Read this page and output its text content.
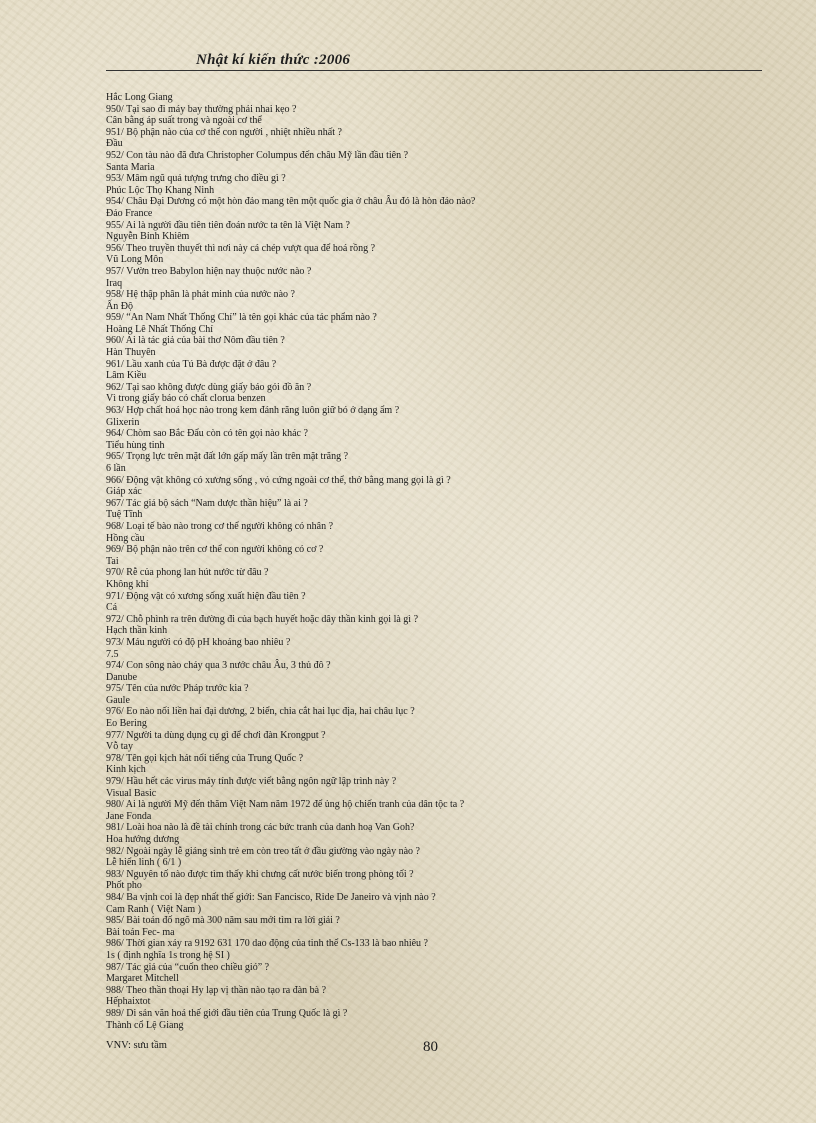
Nhật kí kiến thức :2006
Hắc Long Giang
950/ Tại sao đi máy bay thường phải nhai kẹo ?
Cân bằng áp suất trong và ngoài cơ thể
951/ Bộ phận nào của cơ thể con người , nhiệt nhiều nhất ?
Đầu
952/ Con tàu nào đã đưa Christopher Columpus đến châu Mỹ lần đầu tiên ?
Santa Maria
953/ Mâm ngũ quả tượng trưng cho điều gì ?
Phúc Lộc Thọ Khang Ninh
954/ Châu Đại Dương có một hòn đảo mang tên một quốc gia ở châu Âu đó là hòn đảo nào?
Đảo France
955/ Ai là người đầu tiên tiên đoán nước ta tên là Việt Nam ?
Nguyễn Bỉnh Khiêm
956/ Theo truyền thuyết thì nơi này cá chép vượt qua để hoá rồng ?
Vũ Long Môn
957/ Vườn treo Babylon hiện nay thuộc nước nào ?
Iraq
958/ Hệ thập phân là phát minh của nước nào ?
Ấn Độ
959/ “An Nam Nhất Thống Chí” là tên gọi khác của tác phẩm nào ?
Hoàng Lê Nhất Thống Chí
960/ Ai là tác giả của bài thơ Nôm đầu tiên ?
Hàn Thuyên
961/ Lầu xanh của Tú Bà được đặt ở đâu ?
Lâm Kiều
962/ Tại sao không được dùng giấy báo gói đồ ăn ?
Vì trong giấy báo có chất clorua benzen
963/ Hợp chất hoá học nào trong kem đánh răng luôn giữ bó ở dạng ẩm ?
Glixerin
964/ Chòm sao Bắc Đẩu còn có tên gọi nào khác ?
Tiểu hùng tinh
965/ Trọng lực trên mặt đất lớn gấp mấy lần trên mặt trăng ?
6 lần
966/ Động vật không có xương sống , vỏ cứng ngoài cơ thể, thở bằng mang gọi là gì ?
Giáp xác
967/ Tác giả bộ sách “Nam dược thần hiệu” là ai ?
Tuệ Tĩnh
968/ Loại tế bào nào trong cơ thể người không có nhân ?
Hồng cầu
969/ Bộ phận nào trên cơ thể con người không có cơ ?
Tai
970/ Rễ của phong lan hút nước từ đâu ?
Không khí
971/ Động vật có xương sống xuất hiện đầu tiên ?
Cá
972/ Chỗ phình ra trên đường đi của bạch huyết hoặc dây thần kinh gọi là gì ?
Hạch thần kinh
973/ Máu người có độ pH khoảng bao nhiêu ?
7.5
974/ Con sông nào chảy qua 3 nước châu Âu, 3 thủ đô ?
Danube
975/ Tên của nước Pháp trước kia ?
Gaule
976/ Eo nào nối liền hai đại dương, 2 biển, chia cắt hai lục địa, hai châu lục ?
Eo Bering
977/ Người ta dùng dụng cụ gì để chơi đàn Krongput ?
Vỗ tay
978/ Tên gọi kịch hát nổi tiếng của Trung Quốc ?
Kinh kịch
979/ Hầu hết các virus máy tính được viết bằng ngôn ngữ lập trình này ?
Visual Basic
980/ Ai là người Mỹ đến thăm Việt Nam năm 1972 để ủng hộ chiến tranh của dân tộc ta ?
Jane Fonda
981/ Loài hoa nào là đề tài chính trong các bức tranh của danh hoạ Van Goh?
Hoa hướng dương
982/ Ngoài ngày lễ giáng sinh trẻ em còn treo tất ở đầu giường vào ngày nào ?
Lễ hiển linh ( 6/1 )
983/ Nguyên tố nào được tìm thấy khi chưng cất nước biển trong phòng tối ?
Phốt pho
984/ Ba vịnh coi là đẹp nhất thế giới: San Fancisco, Ride De Janeiro và vịnh nào ?
Cam Ranh ( Việt Nam )
985/ Bài toán đố ngõ mà 300 năm sau mới tìm ra lời giải ?
Bài toán Fec- ma
986/ Thời gian xảy ra 9192 631 170 dao động của tinh thể Cs-133 là bao nhiêu ?
1s ( định nghĩa 1s trong hệ SI )
987/ Tác giả của “cuốn theo chiều gió” ?
Margaret Mitchell
988/ Theo thần thoại Hy lạp vị thần nào tạo ra đàn bà ?
Hếphaixtot
989/ Di sản văn hoá thế giới đầu tiên của Trung Quốc là gì ?
Thành cổ Lệ Giang
VNV: sưu tầm	80
